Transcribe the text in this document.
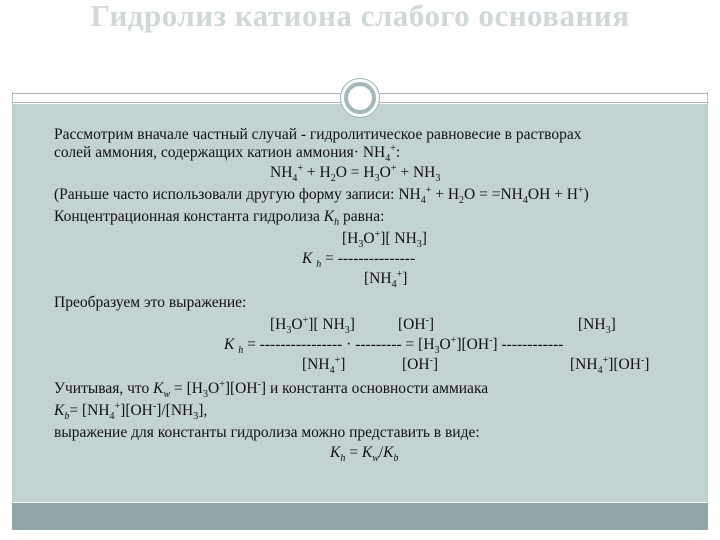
Гидролиз катиона слабого основания
Рассмотрим вначале частный случай - гидролитическое равновесие в растворах
солей аммония, содержащих катион аммония· $NH_4^+$:
$NH_4^+ + H_2O = H_3O^+ + NH_3$
(Раньше часто использовали другую форму записи: $NH_4^+ + H_2O = =NH_4OH + H^+$)
Концентрационная константа гидролиза $K_h$ равна:
$[H_3O^+]$[ $NH_3$]
K $_h$ = ---------------
$[NH_4^+]$
Преобразуем это выражение:
$[H_3O^+]$[ $NH_3$]	[OH-]	$[NH_3]$
K $_h$ = ---------------- · --------- = $[H_3O^+][OH^-]$ ------------
$[NH_4^+]$	[OH-]	$[NH_4^+][OH^-]$
Учитывая, что $K_w = [H_3O^+][OH^-]$ и константа основности аммиака
$K_b= [NH_4^+][OH^-]/[NH_3]$,
выражение для константы гидролиза можно представить в виде:
$K_h = K_w/K_b$
